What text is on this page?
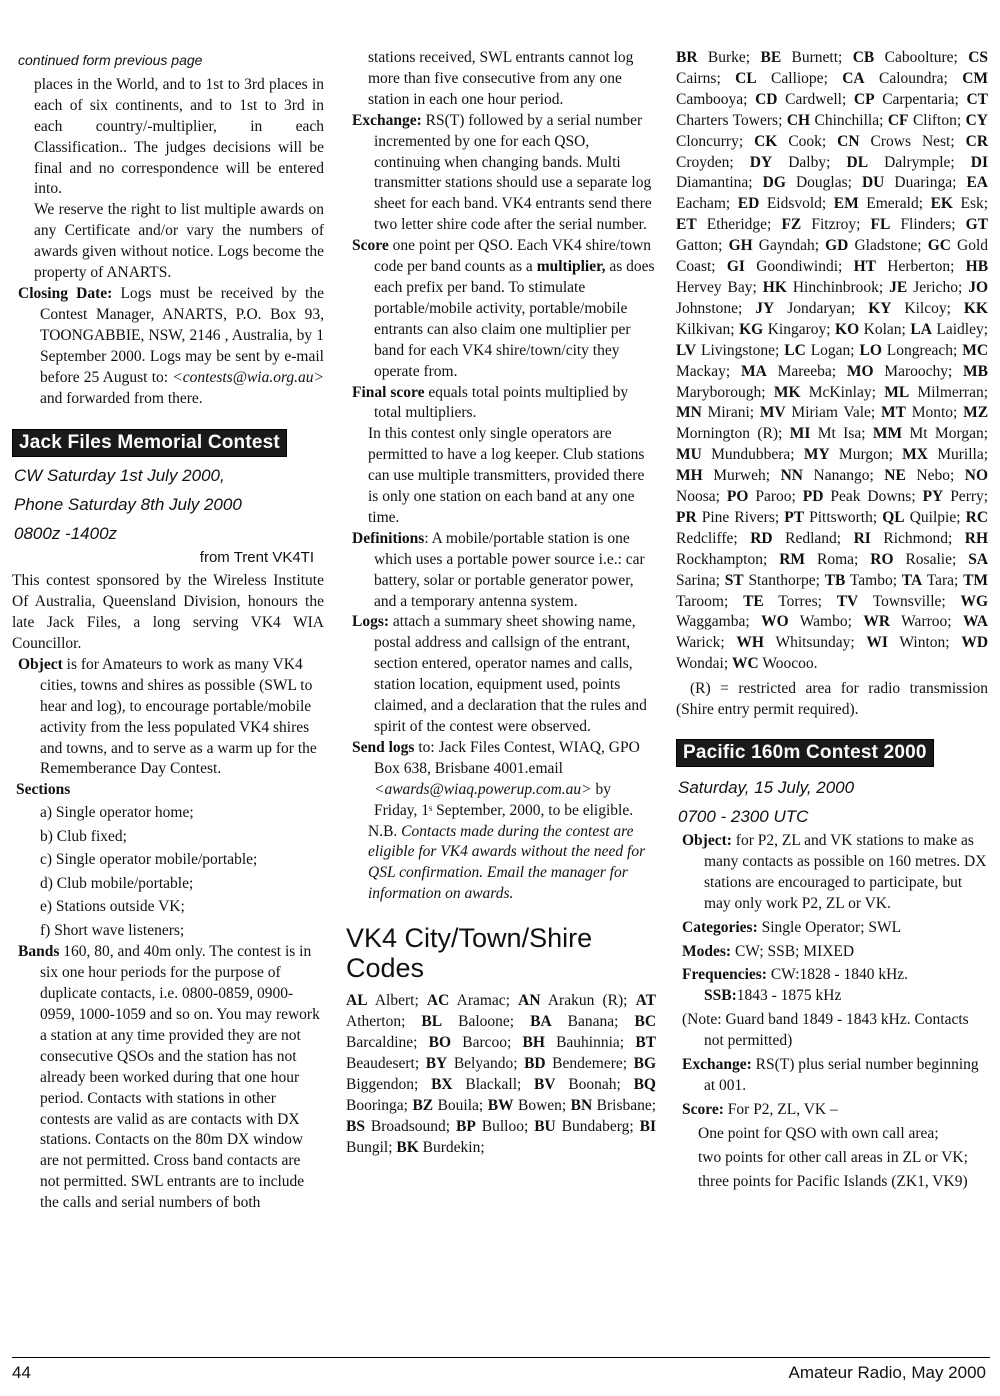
continued form previous page

places in the World, and to 1st to 3rd places in each of six continents, and to 1st to 3rd in each country/-multiplier, in each Classification.. The judges decisions will be final and no correspondence will be entered into.

We reserve the right to list multiple awards on any Certificate and/or vary the numbers of awards given without notice. Logs become the property of ANARTS.

Closing Date: Logs must be received by the Contest Manager, ANARTS, P.O. Box 93, TOONGABBIE, NSW, 2146 , Australia, by 1 September 2000. Logs may be sent by e-mail before 25 August to: <contests@wia.org.au> and forwarded from there.

Jack Files Memorial Contest
CW Saturday 1st July 2000,
Phone Saturday 8th July 2000
0800z -1400z
from Trent VK4TI

This contest sponsored by the Wireless Institute Of Australia, Queensland Division, honours the late Jack Files, a long serving VK4 WIA Councillor.

Object is for Amateurs to work as many VK4 cities, towns and shires as possible (SWL to hear and log), to encourage portable/mobile activity from the less populated VK4 shires and towns, and to serve as a warm up for the Rememberance Day Contest.

Sections
a) Single operator home;
b) Club fixed;
c) Single operator mobile/portable;
d) Club mobile/portable;
e) Stations outside VK;
f) Short wave listeners;

Bands 160, 80, and 40m only. The contest is in six one hour periods for the purpose of duplicate contacts, i.e. 0800-0859, 0900-0959, 1000-1059 and so on. You may rework a station at any time provided they are not consecutive QSOs and the station has not already been worked during that one hour period. Contacts with stations in other contests are valid as are contacts with DX stations. Contacts on the 80m DX window are not permitted. Cross band contacts are not permitted. SWL entrants are to include the calls and serial numbers of both

stations received, SWL entrants cannot log more than five consecutive from any one station in each one hour period.

Exchange: RS(T) followed by a serial number incremented by one for each QSO, continuing when changing bands. Multi transmitter stations should use a separate log sheet for each band. VK4 entrants send there two letter shire code after the serial number.

Score one point per QSO. Each VK4 shire/town code per band counts as a multiplier, as does each prefix per band. To stimulate portable/mobile activity, portable/mobile entrants can also claim one multiplier per band for each VK4 shire/town/city they operate from.

Final score equals total points multiplied by total multipliers.

In this contest only single operators are permitted to have a log keeper. Club stations can use multiple transmitters, provided there is only one station on each band at any one time.

Definitions: A mobile/portable station is one which uses a portable power source i.e.: car battery, solar or portable generator power, and a temporary antenna system.

Logs: attach a summary sheet showing name, postal address and callsign of the entrant, section entered, operator names and calls, station location, equipment used, points claimed, and a declaration that the rules and spirit of the contest were observed.

Send logs to: Jack Files Contest, WIAQ, GPO Box 638, Brisbane 4001.email <awards@wiaq.powerup.com.au> by Friday, 1ˢ September, 2000, to be eligible.

N.B. Contacts made during the contest are eligible for VK4 awards without the need for QSL confirmation. Email the manager for information on awards.

VK4 City/Town/Shire Codes

AL Albert; AC Aramac; AN Arakun (R); AT Atherton; BL Baloone; BA Banana; BC Barcaldine; BO Barcoo; BH Bauhinnia; BT Beaudesert; BY Belyando; BD Bendemere; BG Biggendon; BX Blackall; BV Boonah; BQ Booringa; BZ Bouila; BW Bowen; BN Brisbane; BS Broadsound; BP Bulloo; BU Bundaberg; BI Bungil; BK Burdekin;

BR Burke; BE Burnett; CB Caboolture; CS Cairns; CL Calliope; CA Caloundra; CM Cambooya; CD Cardwell; CP Carpentaria; CT Charters Towers; CH Chinchilla; CF Clifton; CY Cloncurry; CK Cook; CN Crows Nest; CR Croyden; DY Dalby; DL Dalrymple; DI Diamantina; DG Douglas; DU Duaringa; EA Eacham; ED Eidsvold; EM Emerald; EK Esk; ET Etheridge; FZ Fitzroy; FL Flinders; GT Gatton; GH Gayndah; GD Gladstone; GC Gold Coast; GI Goondiwindi; HT Herberton; HB Hervey Bay; HK Hinchinbrook; JE Jericho; JO Johnstone; JY Jondaryan; KY Kilcoy; KK Kilkivan; KG Kingaroy; KO Kolan; LA Laidley; LV Livingstone; LC Logan; LO Longreach; MC Mackay; MA Mareeba; MO Maroochy; MB Maryborough; MK McKinlay; ML Milmerran; MN Mirani; MV Miriam Vale; MT Monto; MZ Mornington (R); MI Mt Isa; MM Mt Morgan; MU Mundubbera; MY Murgon; MX Murilla; MH Murweh; NN Nanango; NE Nebo; NO Noosa; PO Paroo; PD Peak Downs; PY Perry; PR Pine Rivers; PT Pittsworth; QL Quilpie; RC Redcliffe; RD Redland; RI Richmond; RH Rockhampton; RM Roma; RO Rosalie; SA Sarina; ST Stanthorpe; TB Tambo; TA Tara; TM Taroom; TE Torres; TV Townsville; WG Waggamba; WO Wambo; WR Warroo; WA Warick; WH Whitsunday; WI Winton; WD Wondai; WC Woocoo.

(R) = restricted area for radio transmission (Shire entry permit required).

Pacific 160m Contest 2000
Saturday, 15 July, 2000
0700 - 2300 UTC

Object: for P2, ZL and VK stations to make as many contacts as possible on 160 metres. DX stations are encouraged to participate, but may only work P2, ZL or VK.

Categories: Single Operator; SWL

Modes: CW; SSB; MIXED

Frequencies: CW:1828 - 1840 kHz.
SSB:1843 - 1875 kHz

(Note: Guard band 1849 - 1843 kHz. Contacts not permitted)

Exchange: RS(T) plus serial number beginning at 001.

Score: For P2, ZL, VK –

One point for QSO with own call area;
two points for other call areas in ZL or VK;
three points for Pacific Islands (ZK1, VK9)
44	Amateur Radio, May 2000
